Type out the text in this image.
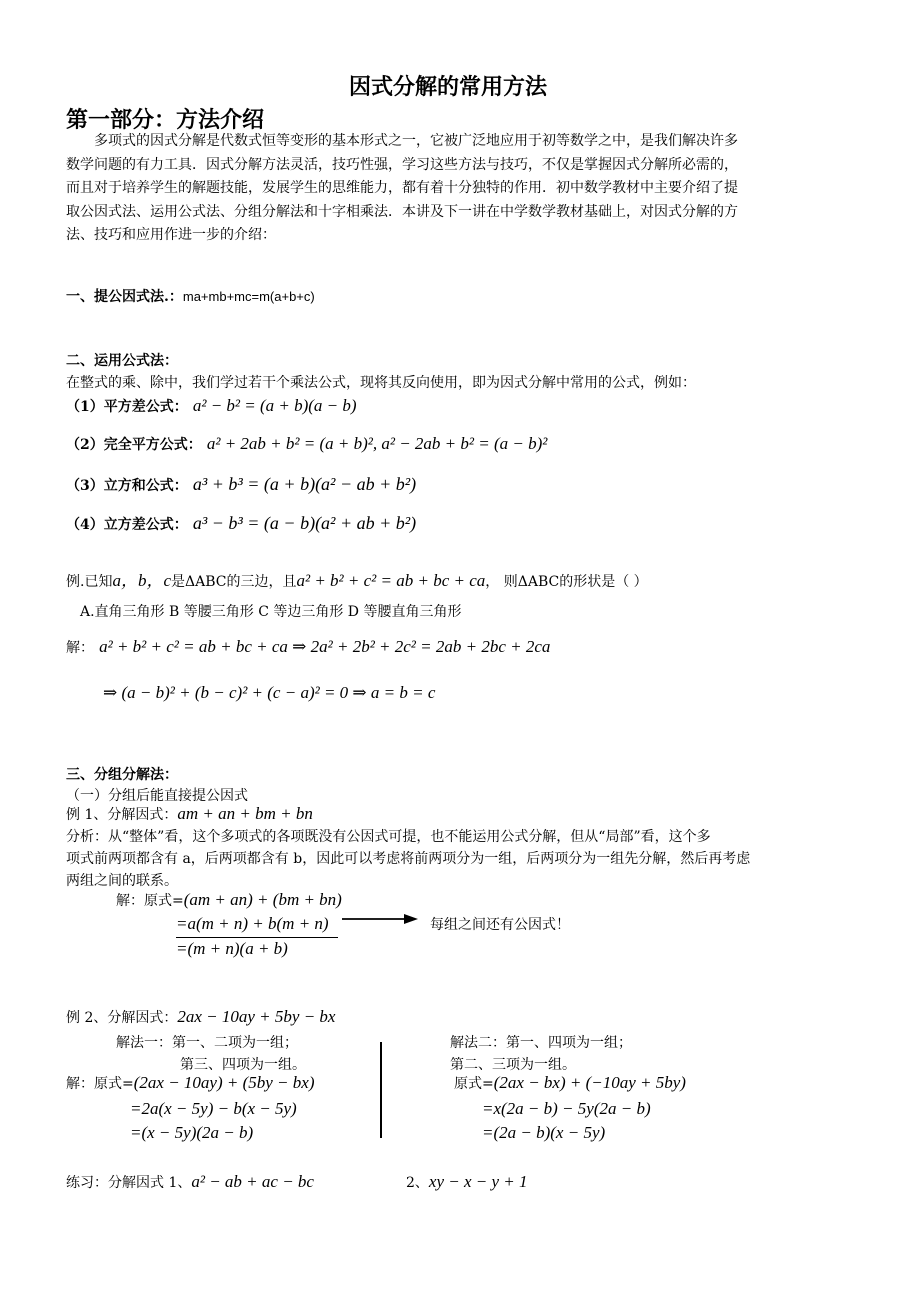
因式分解的常用方法
第一部分：方法介绍
多项式的因式分解是代数式恒等变形的基本形式之一，它被广泛地应用于初等数学之中，是我们解决许多
数学问题的有力工具．因式分解方法灵活，技巧性强，学习这些方法与技巧，不仅是掌握因式分解所必需的，
而且对于培养学生的解题技能，发展学生的思维能力，都有着十分独特的作用．初中数学教材中主要介绍了提
取公因式法、运用公式法、分组分解法和十字相乘法．本讲及下一讲在中学数学教材基础上，对因式分解的方
法、技巧和应用作进一步的介绍：
一、提公因式法.：ma+mb+mc=m(a+b+c)
二、运用公式法：
在整式的乘、除中，我们学过若干个乘法公式，现将其反向使用，即为因式分解中常用的公式，例如：
（1）平方差公式： a² − b² = (a + b)(a − b)
（2）完全平方公式： a² + 2ab + b² = (a + b)², a² − 2ab + b² = (a − b)²
（3）立方和公式： a³ + b³ = (a + b)(a² − ab + b²)
（4）立方差公式： a³ − b³ = (a − b)(a² + ab + b²)
例.已知a，b，c是ΔABC的三边，且a² + b² + c² = ab + bc + ca， 则ΔABC的形状是（ ）
A.直角三角形 B 等腰三角形 C 等边三角形 D 等腰直角三角形
解： a² + b² + c² = ab + bc + ca ⇒ 2a² + 2b² + 2c² = 2ab + 2bc + 2ca
⇒ (a − b)² + (b − c)² + (c − a)² = 0 ⇒ a = b = c
三、分组分解法：
（一）分组后能直接提公因式
例 1、分解因式：am + an + bm + bn
分析：从“整体”看，这个多项式的各项既没有公因式可提，也不能运用公式分解，但从“局部”看，这个多
项式前两项都含有 a，后两项都含有 b，因此可以考虑将前两项分为一组，后两项分为一组先分解，然后再考虑
两组之间的联系。
解：原式=(am + an) + (bm + bn)
=a(m + n) + b(m + n)
=(m + n)(a + b)
每组之间还有公因式！
例 2、分解因式：2ax − 10ay + 5by − bx
解法一：第一、二项为一组；
第三、四项为一组。
解：原式=(2ax − 10ay) + (5by − bx)
=2a(x − 5y) − b(x − 5y)
=(x − 5y)(2a − b)
解法二：第一、四项为一组；
第二、三项为一组。
原式=(2ax − bx) + (−10ay + 5by)
=x(2a − b) − 5y(2a − b)
=(2a − b)(x − 5y)
练习：分解因式 1、a² − ab + ac − bc	2、xy − x − y + 1
